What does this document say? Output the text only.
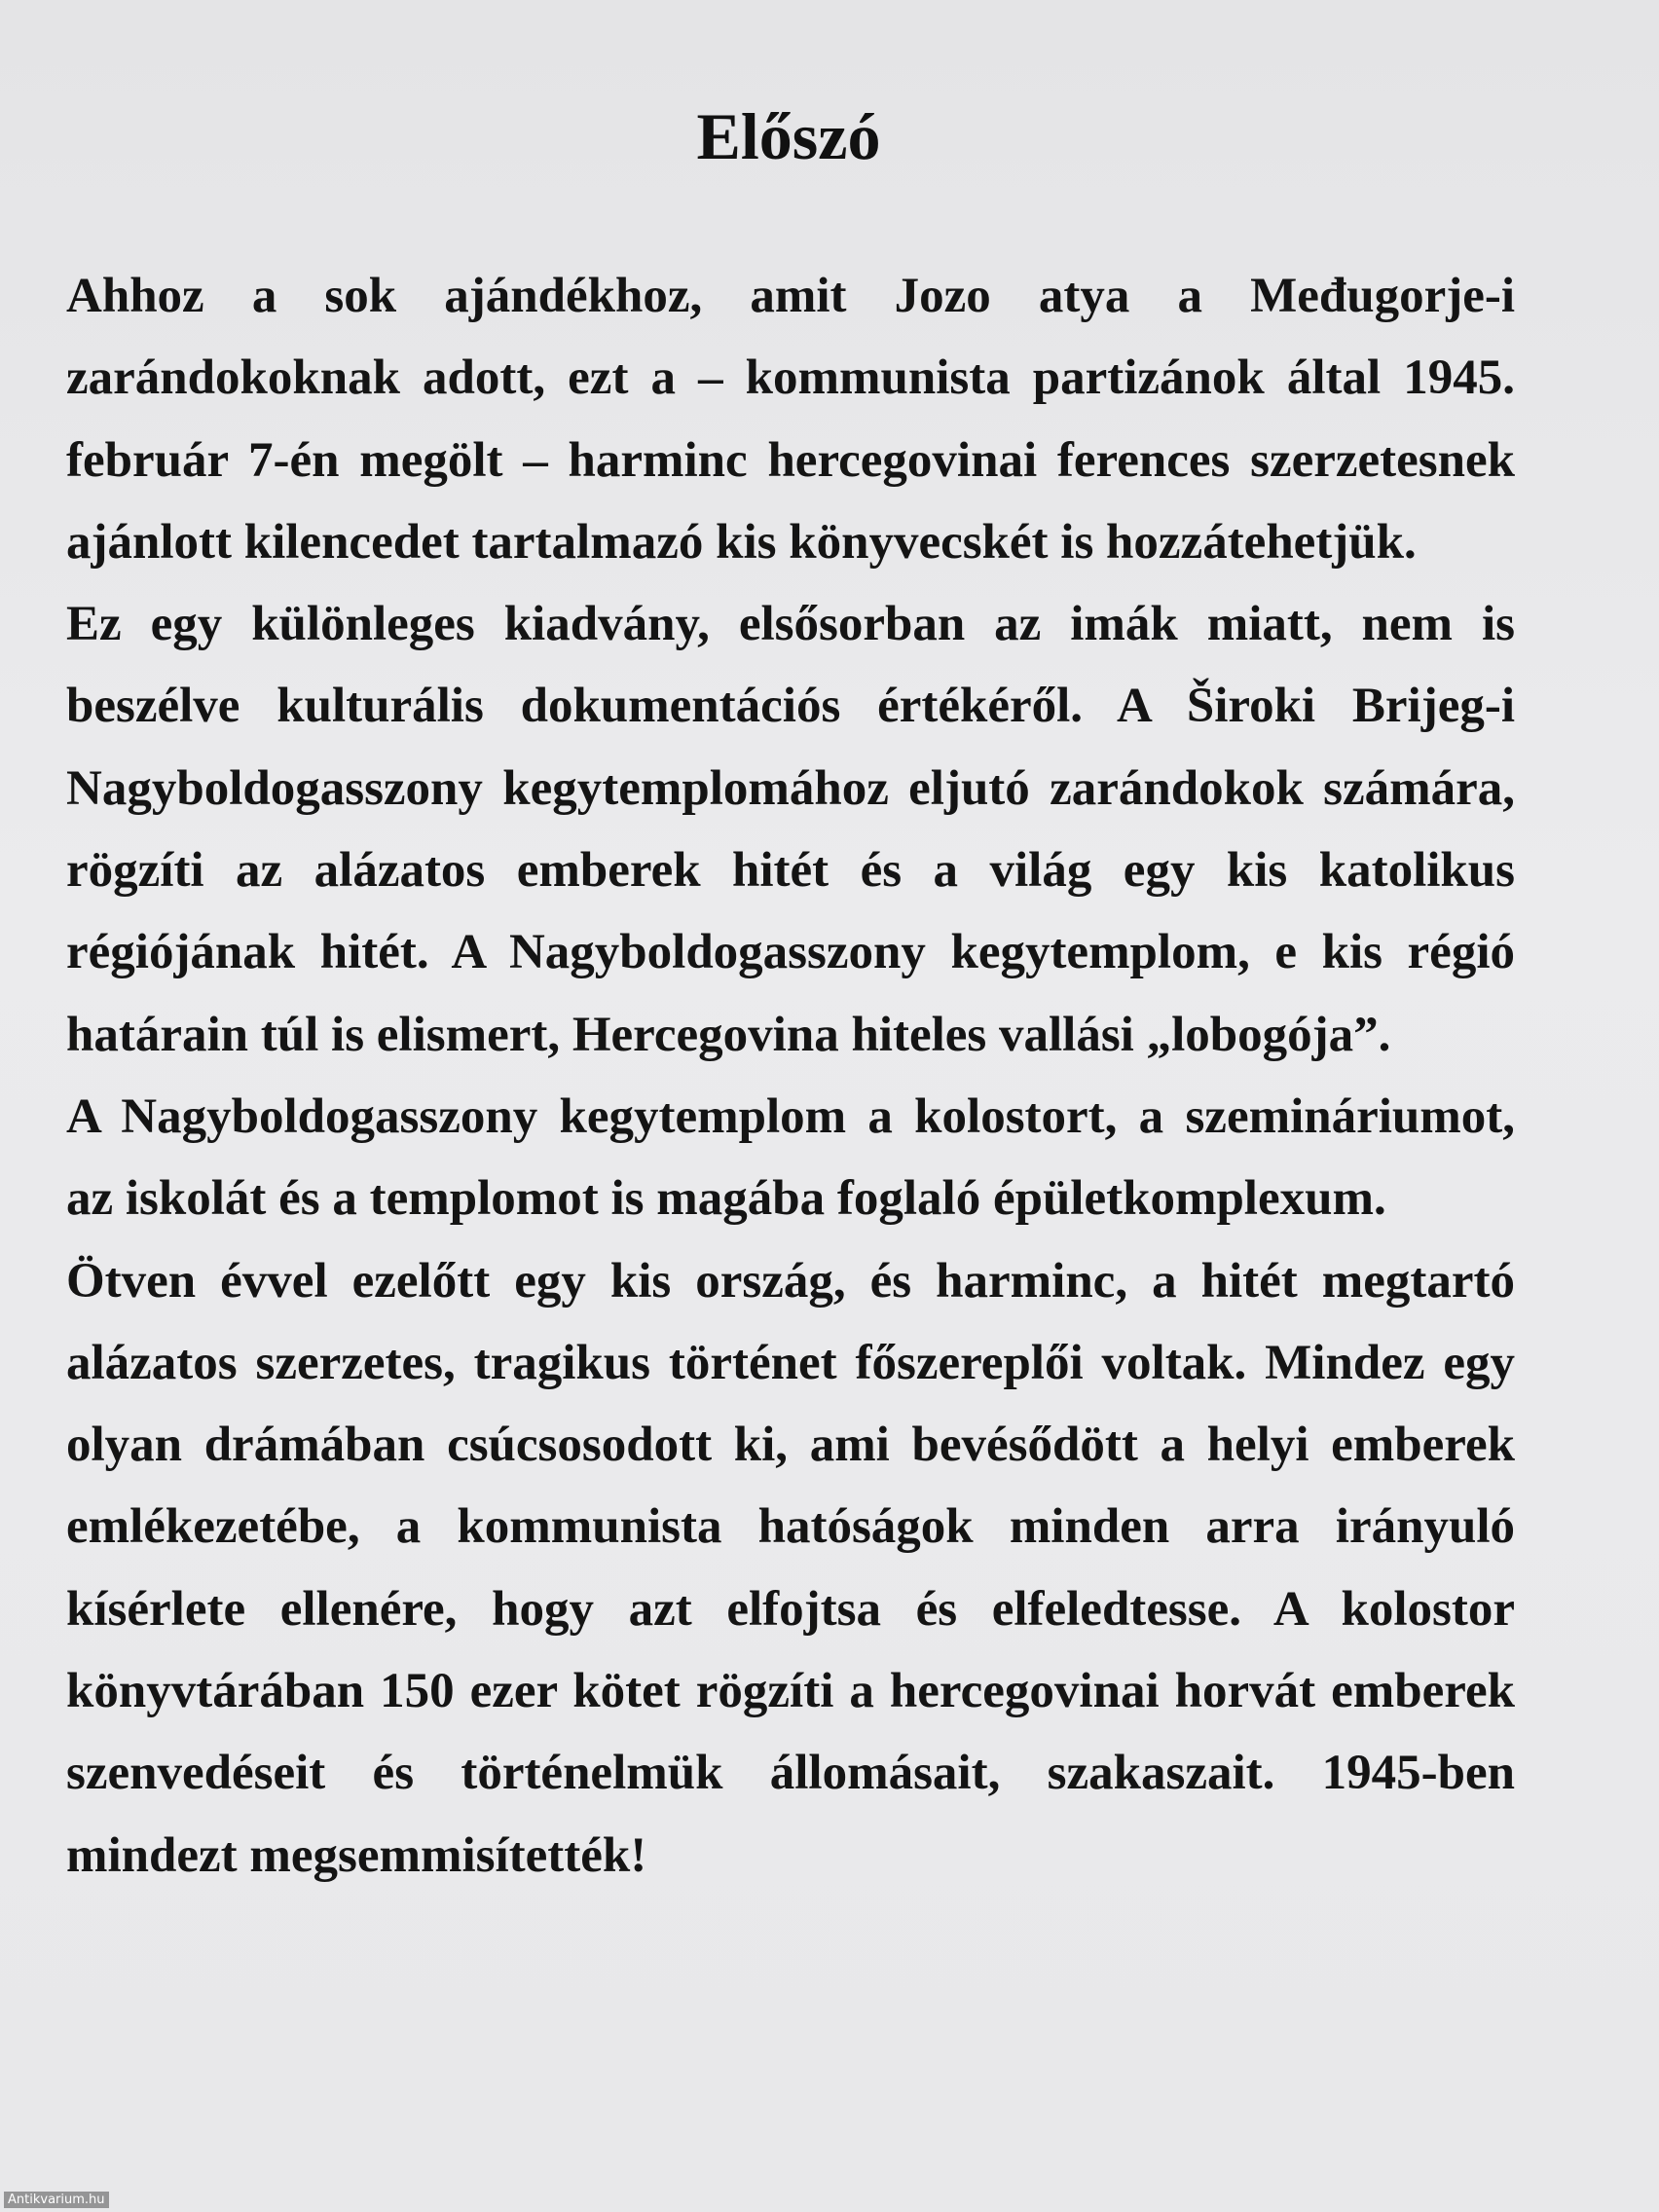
Előszó

Ahhoz a sok ajándékhoz, amit Jozo atya a Međugorje-i zarándokoknak adott, ezt a – kommunista partizánok által 1945. február 7-én megölt – harminc hercegovinai ferences szerzetesnek ajánlott kilencedet tartalmazó kis könyvecskét is hozzátehetjük.

Ez egy különleges kiadvány, elsősorban az imák miatt, nem is beszélve kulturális dokumentációs értékéről. A Široki Brijeg-i Nagyboldogasszony kegytemplomához eljutó zarándokok számára, rögzíti az alázatos emberek hitét és a világ egy kis katolikus régiójának hitét. A Nagyboldogasszony kegytemplom, e kis régió határain túl is elismert, Hercegovina hiteles vallási „lobogója”.

A Nagyboldogasszony kegytemplom a kolostort, a szemináriumot, az iskolát és a templomot is magába foglaló épületkomplexum.

Ötven évvel ezelőtt egy kis ország, és harminc, a hitét megtartó alázatos szerzetes, tragikus történet főszereplői voltak. Mindez egy olyan drámában csúcsosodott ki, ami bevésődött a helyi emberek emlékezetébe, a kommunista hatóságok minden arra irányuló kísérlete ellenére, hogy azt elfojtsa és elfeledtesse. A kolostor könyvtárában 150 ezer kötet rögzíti a hercegovinai horvát emberek szenvedéseit és történelmük állomásait, szakaszait. 1945-ben mindezt megsemmisítették!

Antikvarium.hu
